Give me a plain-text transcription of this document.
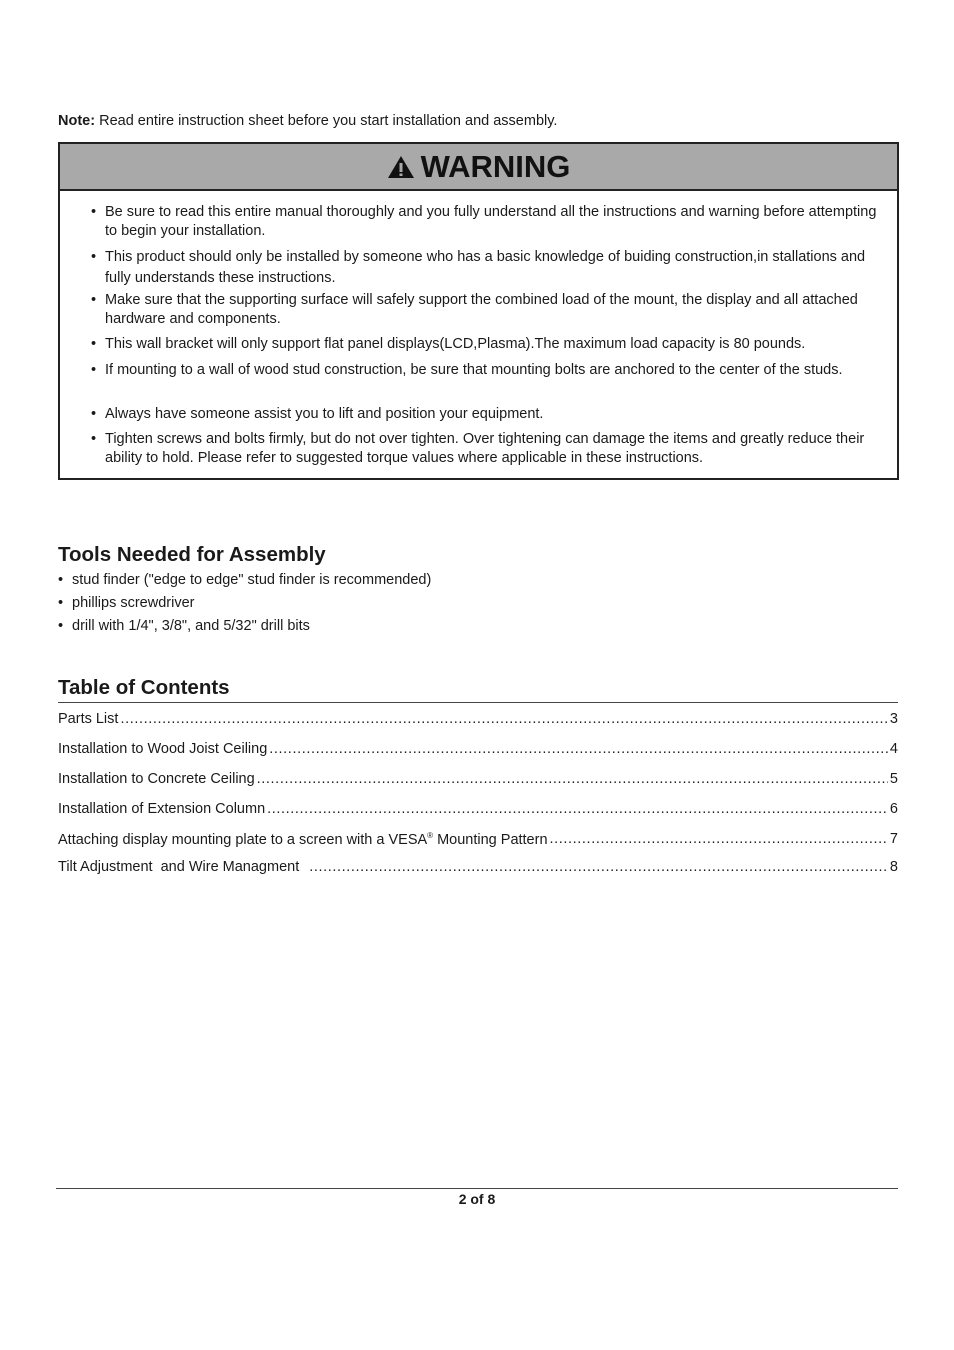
Note: Read entire instruction sheet before you start installation and assembly.
WARNING
• Be sure to read this entire manual thoroughly and you fully understand all the instructions and warning before attempting to begin your installation.
• This product should only be installed by someone who has a basic knowledge of buiding construction,in stallations and fully understands these instructions.
• Make sure that the supporting surface will safely support the combined load of the mount, the display and all attached hardware and components.
• This wall bracket will only support flat panel displays(LCD,Plasma).The maximum load capacity is 80 pounds.
• If mounting to a wall of wood stud construction, be sure that mounting bolts are anchored to the center of the studs.
• Always have someone assist you to lift and position your equipment.
• Tighten screws and bolts firmly, but do not over tighten. Over tightening can damage the items and greatly reduce their ability to hold. Please refer to suggested torque values where applicable in these instructions.
Tools Needed for Assembly
• stud finder ("edge to edge" stud finder is recommended)
• phillips screwdriver
• drill with 1/4", 3/8", and 5/32" drill bits
Table of Contents
Parts List .....	3
Installation to Wood Joist Ceiling .....	4
Installation to Concrete Ceiling .....	5
Installation of Extension Column .....	6
Attaching display mounting plate to a screen with a VESA® Mounting Pattern .....	7
Tilt Adjustment  and Wire Managment .....	8
2 of 8
